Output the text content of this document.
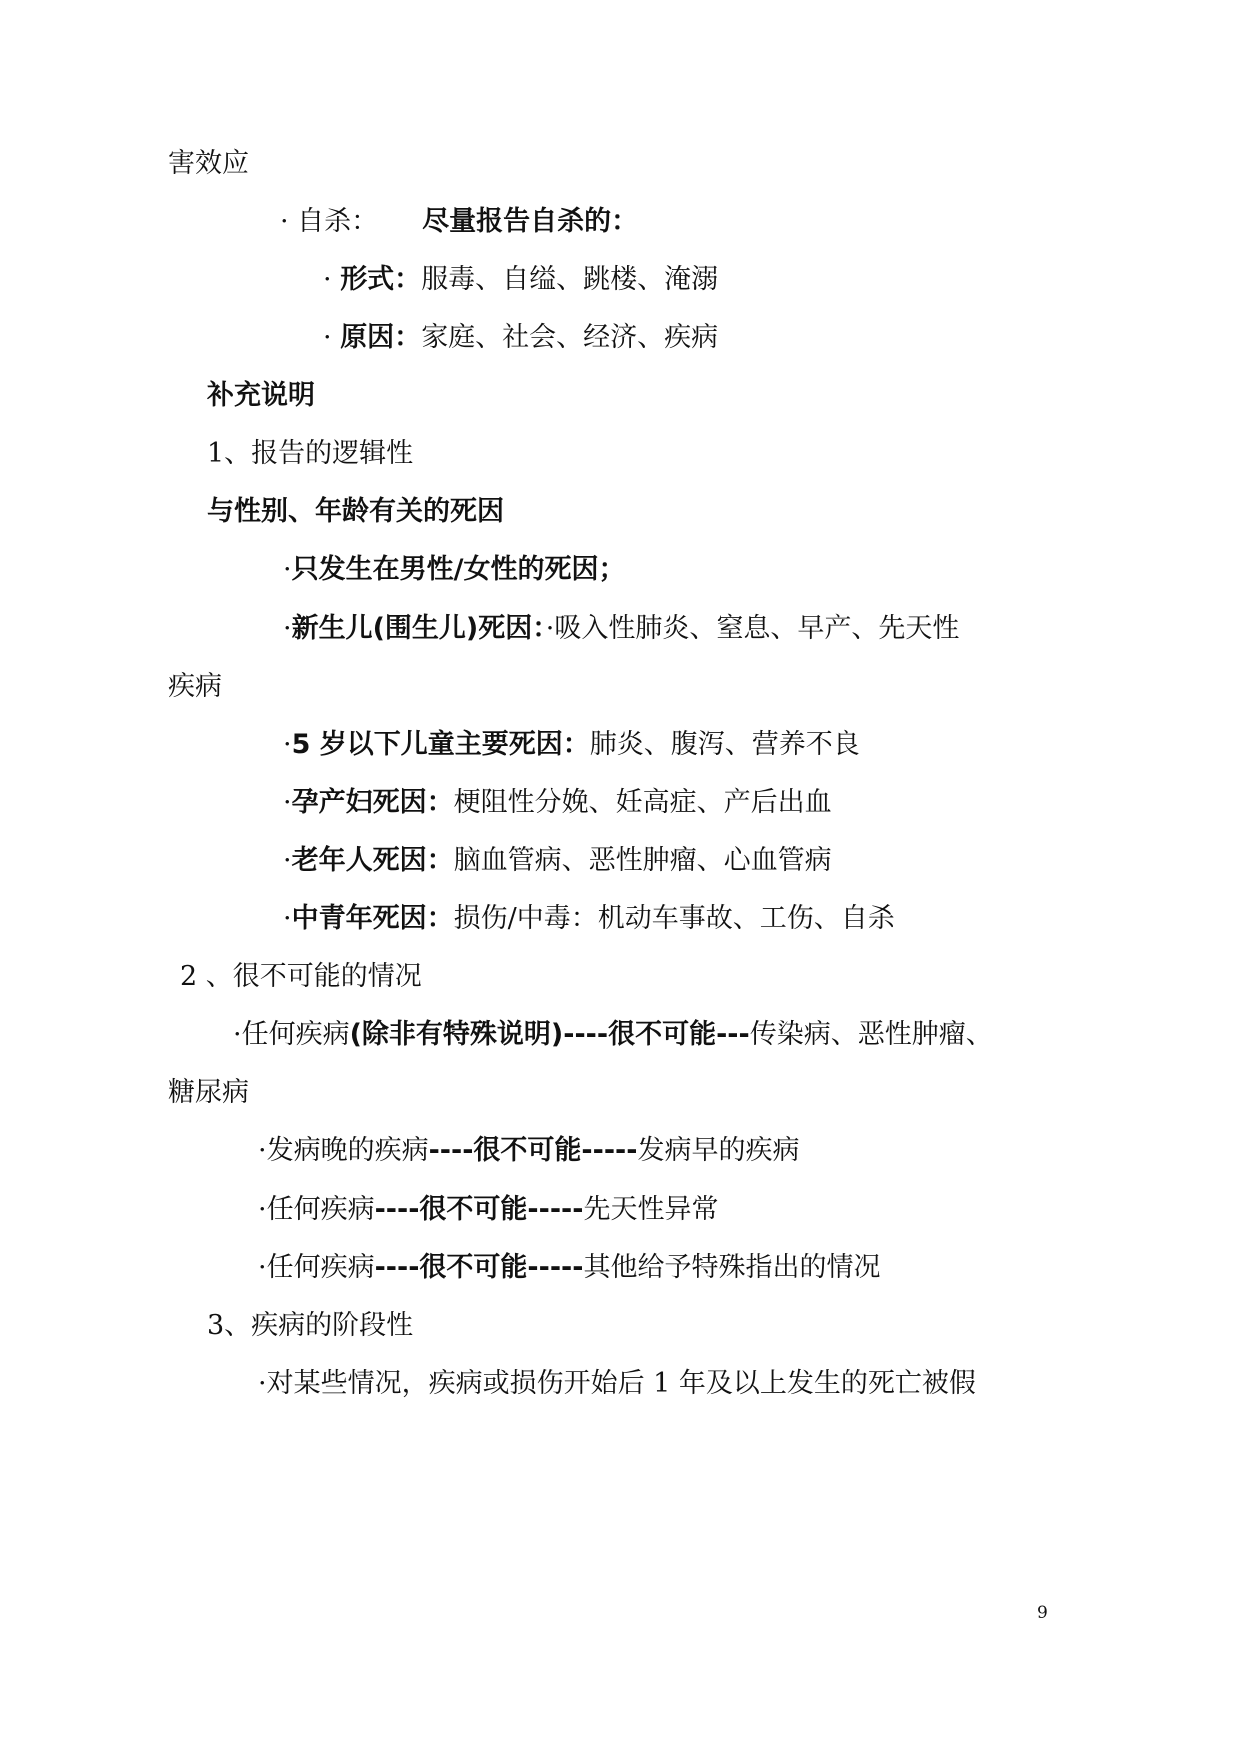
害效应
· 自杀： 尽量报告自杀的：
· 形式：服毒、自缢、跳楼、淹溺
· 原因：家庭、社会、经济、疾病
补充说明
1、报告的逻辑性
与性别、年龄有关的死因
·只发生在男性/女性的死因；
·新生儿(围生儿)死因：·吸入性肺炎、窒息、早产、先天性
疾病
·5 岁以下儿童主要死因：肺炎、腹泻、营养不良
·孕产妇死因：梗阻性分娩、妊高症、产后出血
·老年人死因：脑血管病、恶性肿瘤、心血管病
·中青年死因：损伤/中毒：机动车事故、工伤、自杀
2 、很不可能的情况
·任何疾病(除非有特殊说明)----很不可能---传染病、恶性肿瘤、
糖尿病
·发病晚的疾病----很不可能-----发病早的疾病
·任何疾病----很不可能-----先天性异常
·任何疾病----很不可能-----其他给予特殊指出的情况
3、疾病的阶段性
·对某些情况，疾病或损伤开始后 1 年及以上发生的死亡被假
9
